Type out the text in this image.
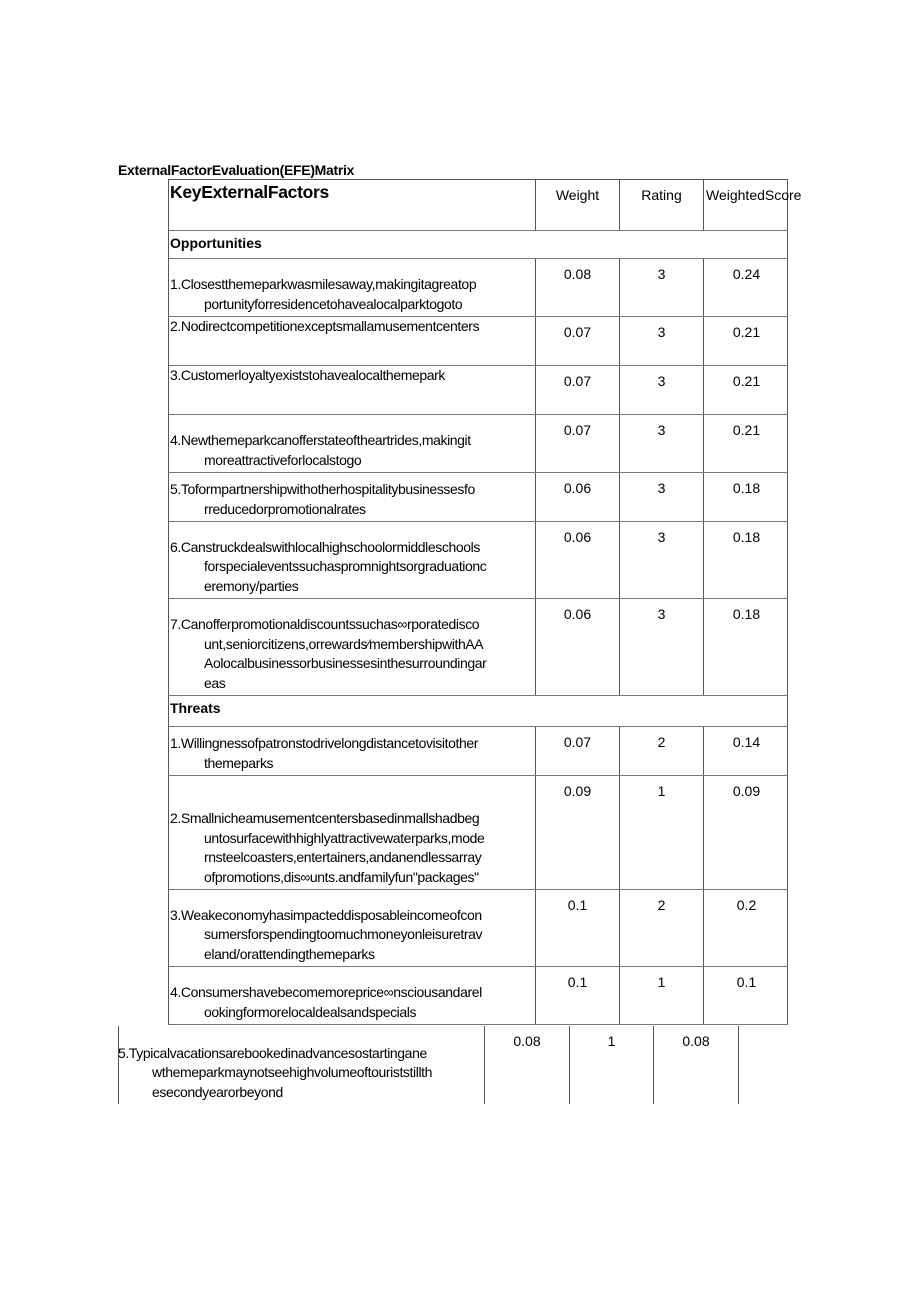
ExternalFactorEvaluation(EFE)Matrix
KeyExternalFactors	Weight	Rating	WeightedScore
Opportunities
1.Closestthemeparkwasmilesaway,makingitagreatop
portunityforresidencetohavealocalparktogoto
0.08	3	0.24
2.Nodirectcompetitionexceptsmallamusementcenters	0.07	3	0.21
3.Customerloyaltyexiststohavealocalthemepark	0.07	3	0.21
4.Newthemeparkcanofferstateoftheartrides,makingit
moreattractiveforlocalstogo
0.07	3	0.21
5.Toformpartnershipwithotherhospitalitybusinessesfo
rreducedorpromotionalrates
0.06	3	0.18
6.Canstruckdealswithlocalhighschoolormiddleschools
forspecialeventssuchaspromnightsorgraduationc
eremony/parties
0.06	3	0.18
7.Canofferpromotionaldiscountssuchas∞rporatedisco
unt,seniorcitizens,orrewards⁄membershipwithAA
Aolocalbusinessorbusinessesinthesurroundingar
eas
0.06	3	0.18
Threats
1.Willingnessofpatronstodrivelongdistancetovisitother
themeparks
0.07	2	0.14
2.Smallnicheamusementcentersbasedinmallshadbeg
untosurfacewithhighlyattractivewaterparks,mode
rnsteelcoasters,entertainers,andanendlessarray
ofpromotions,dis∞unts.andfamilyfun"packages"
0.09	1	0.09
3.Weakeconomyhasimpacteddisposableincomeofcon
sumersforspendingtoomuchmoneyonleisuretrav
eland/orattendingthemeparks
0.1	2	0.2
4.Consumershavebecomemoreprice∞nsciousandarel
ookingformorelocaldealsandspecials
0.1	1	0.1
5.Typicalvacationsarebookedinadvancesostartingane
wthemeparkmaynotseehighvolumeoftouriststillth
esecondyearorbeyond
0.08	1	0.08
